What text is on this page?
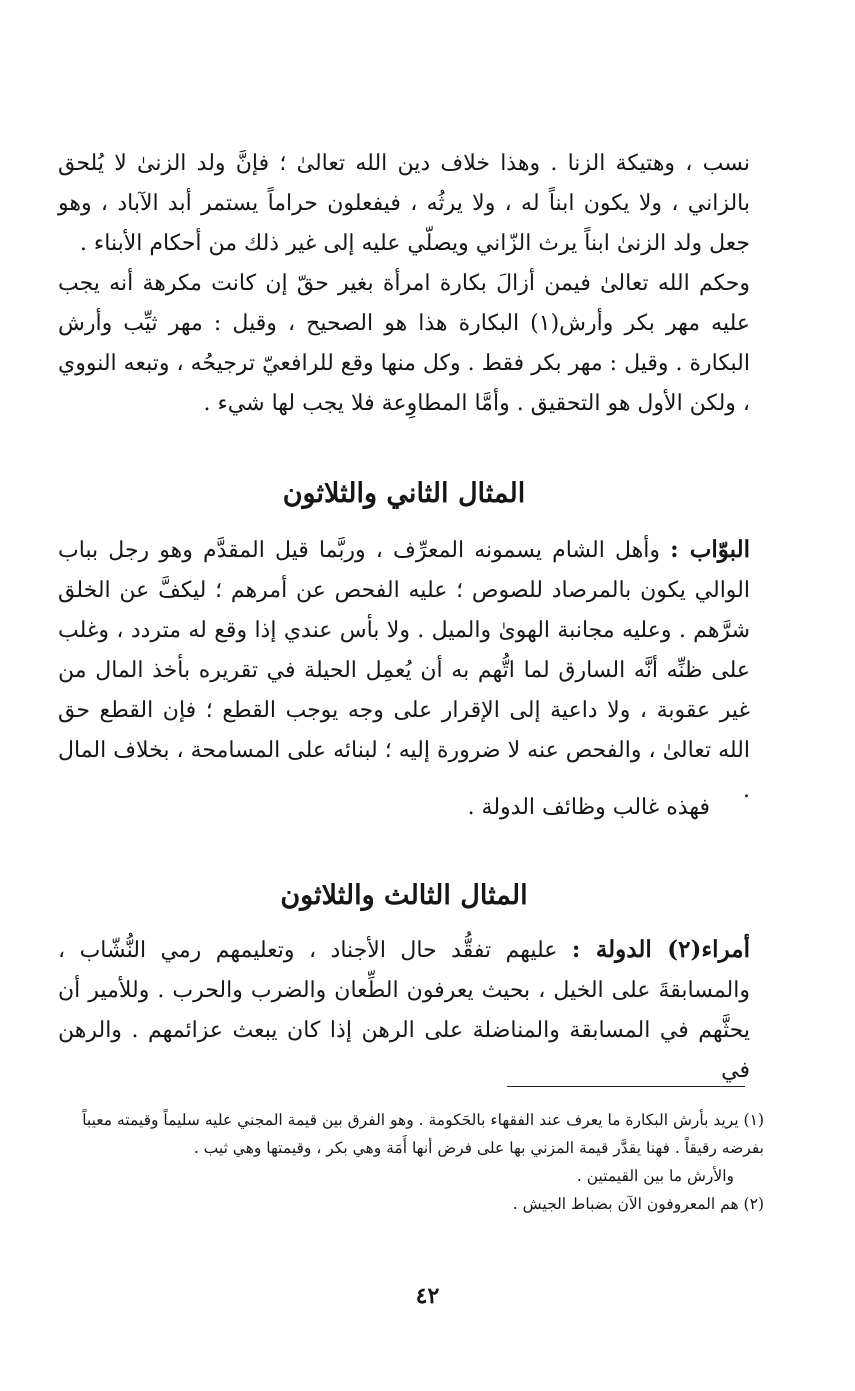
نسب ، وهتيكة الزنا . وهذا خلاف دين الله تعالىٰ ؛ فإنَّ ولد الزنىٰ لا يُلحق بالزاني ، ولا يكون ابناً له ، ولا يرثُه ، فيفعلون حراماً يستمر أبد الآباد ، وهو جعل ولد الزنىٰ ابناً يرث الزّاني ويصلّي عليه إلى غير ذلك من أحكام الأبناء .

وحكم الله تعالىٰ فيمن أزالَ بكارة امرأة بغير حقّ إن كانت مكرهة أنه يجب عليه مهر بكر وأرش(١) البكارة هذا هو الصحيح ، وقيل : مهر ثيِّب وأرش البكارة . وقيل : مهر بكر فقط . وكل منها وقع للرافعيّ ترجيحُه ، وتبعه النووي ، ولكن الأول هو التحقيق . وأمَّا المطاوِعة فلا يجب لها شيء .

المثال الثاني والثلاثون

البوّاب : وأهل الشام يسمونه المعرِّف ، وربَّما قيل المقدَّم وهو رجل بباب الوالي يكون بالمرصاد للصوص ؛ عليه الفحص عن أمرهم ؛ ليكفَّ عن الخلق شرَّهم . وعليه مجانبة الهوىٰ والميل . ولا بأس عندي إذا وقع له متردد ، وغلب على ظنِّه أنَّه السارق لما اتُّهم به أن يُعمِل الحيلة في تقريره بأخذ المال من غير عقوبة ، ولا داعية إلى الإقرار على وجه يوجب القطع ؛ فإن القطع حق الله تعالىٰ ، والفحص عنه لا ضرورة إليه ؛ لبنائه على المسامحة ، بخلاف المال .

فهذه غالب وظائف الدولة .

المثال الثالث والثلاثون

أمراء(٢) الدولة : عليهم تفقُّد حال الأجناد ، وتعليمهم رمي النُّشّاب ، والمسابقةَ على الخيل ، بحيث يعرفون الطِّعان والضرب والحرب . وللأمير أن يحثَّهم في المسابقة والمناضلة على الرهن إذا كان يبعث عزائمهم . والرهن في

(١) يريد بأرش البكارة ما يعرف عند الفقهاء بالحَكومة . وهو الفرق بين قيمة المجني عليه سليماً وقيمته معيباً بفرضه رقيقاً . فهنا يقدَّر قيمة المزني بها على فرض أنها أَمَة وهي بكر ، وقيمتها وهي ثيب .

والأرش ما بين القيمتين .

(٢) هم المعروفون الآن بضباط الجيش .

٤٢
